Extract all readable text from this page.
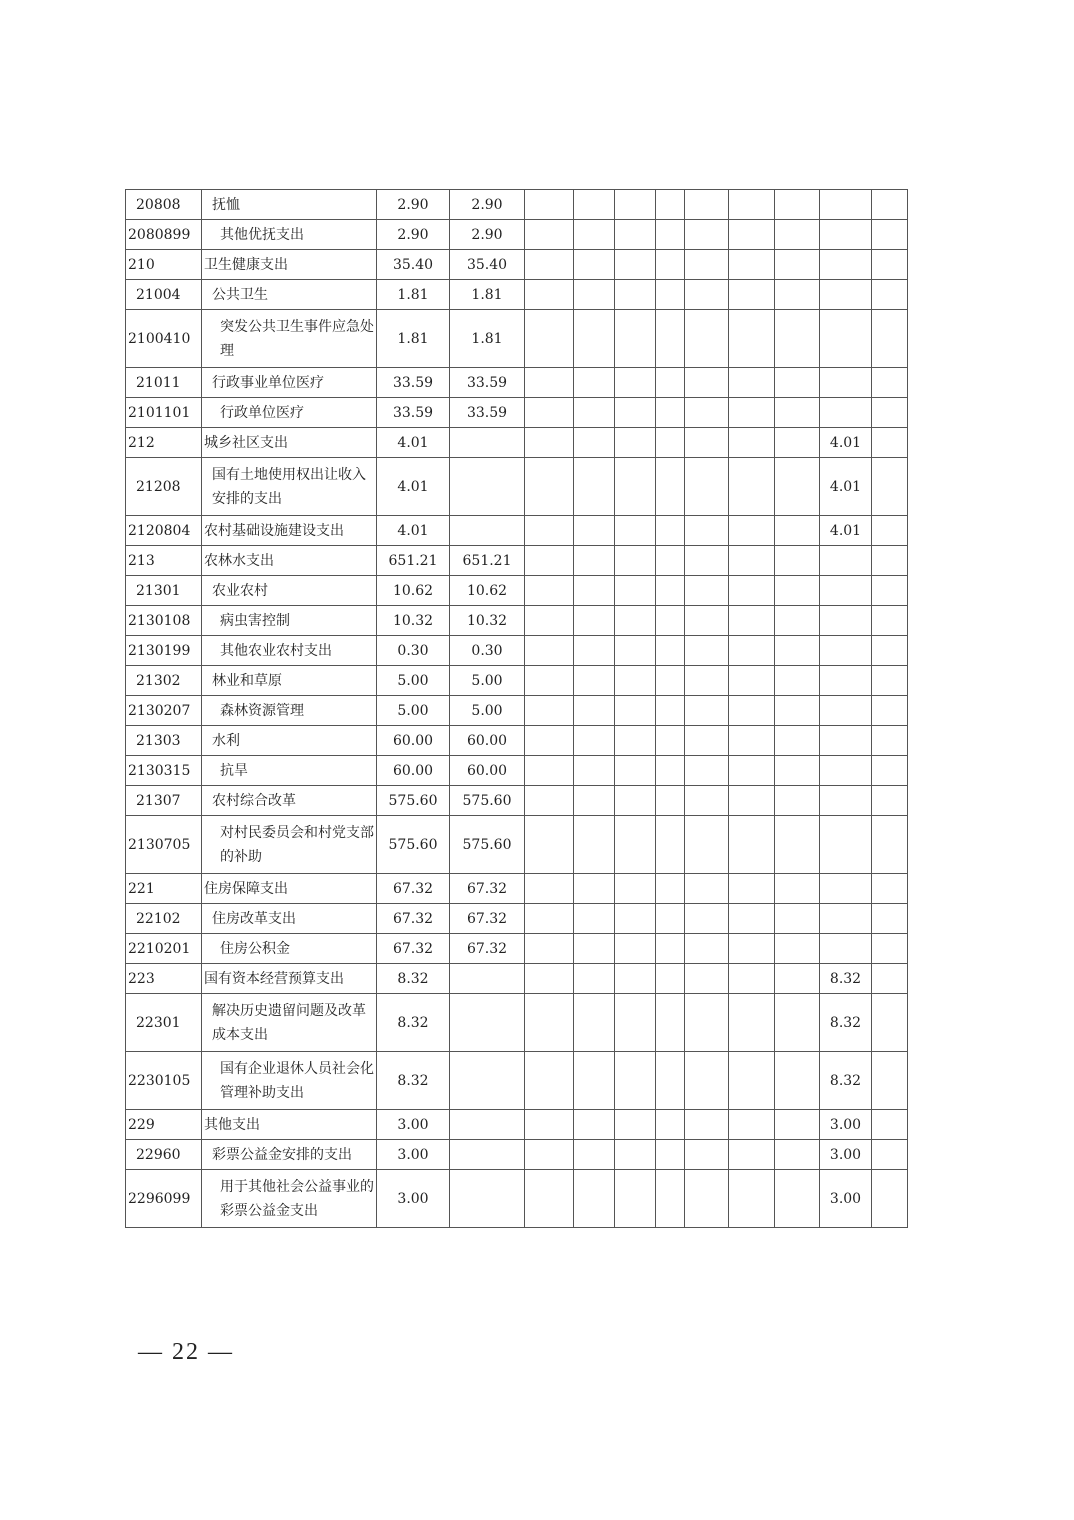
20808	抚恤	2.90	2.90									
2080899	其他优抚支出	2.90	2.90									
210	卫生健康支出	35.40	35.40									
21004	公共卫生	1.81	1.81									
2100410	突发公共卫生事件应急处理	1.81	1.81									
21011	行政事业单位医疗	33.59	33.59									
2101101	行政单位医疗	33.59	33.59									
212	城乡社区支出	4.01									4.01	
21208	国有土地使用权出让收入安排的支出	4.01									4.01	
2120804	农村基础设施建设支出	4.01									4.01	
213	农林水支出	651.21	651.21									
21301	农业农村	10.62	10.62									
2130108	病虫害控制	10.32	10.32									
2130199	其他农业农村支出	0.30	0.30									
21302	林业和草原	5.00	5.00									
2130207	森林资源管理	5.00	5.00									
21303	水利	60.00	60.00									
2130315	抗旱	60.00	60.00									
21307	农村综合改革	575.60	575.60									
2130705	对村民委员会和村党支部的补助	575.60	575.60									
221	住房保障支出	67.32	67.32									
22102	住房改革支出	67.32	67.32									
2210201	住房公积金	67.32	67.32									
223	国有资本经营预算支出	8.32									8.32	
22301	解决历史遗留问题及改革成本支出	8.32									8.32	
2230105	国有企业退休人员社会化管理补助支出	8.32									8.32	
229	其他支出	3.00									3.00	
22960	彩票公益金安排的支出	3.00									3.00	
2296099	用于其他社会公益事业的彩票公益金支出	3.00									3.00	
— 22 —
